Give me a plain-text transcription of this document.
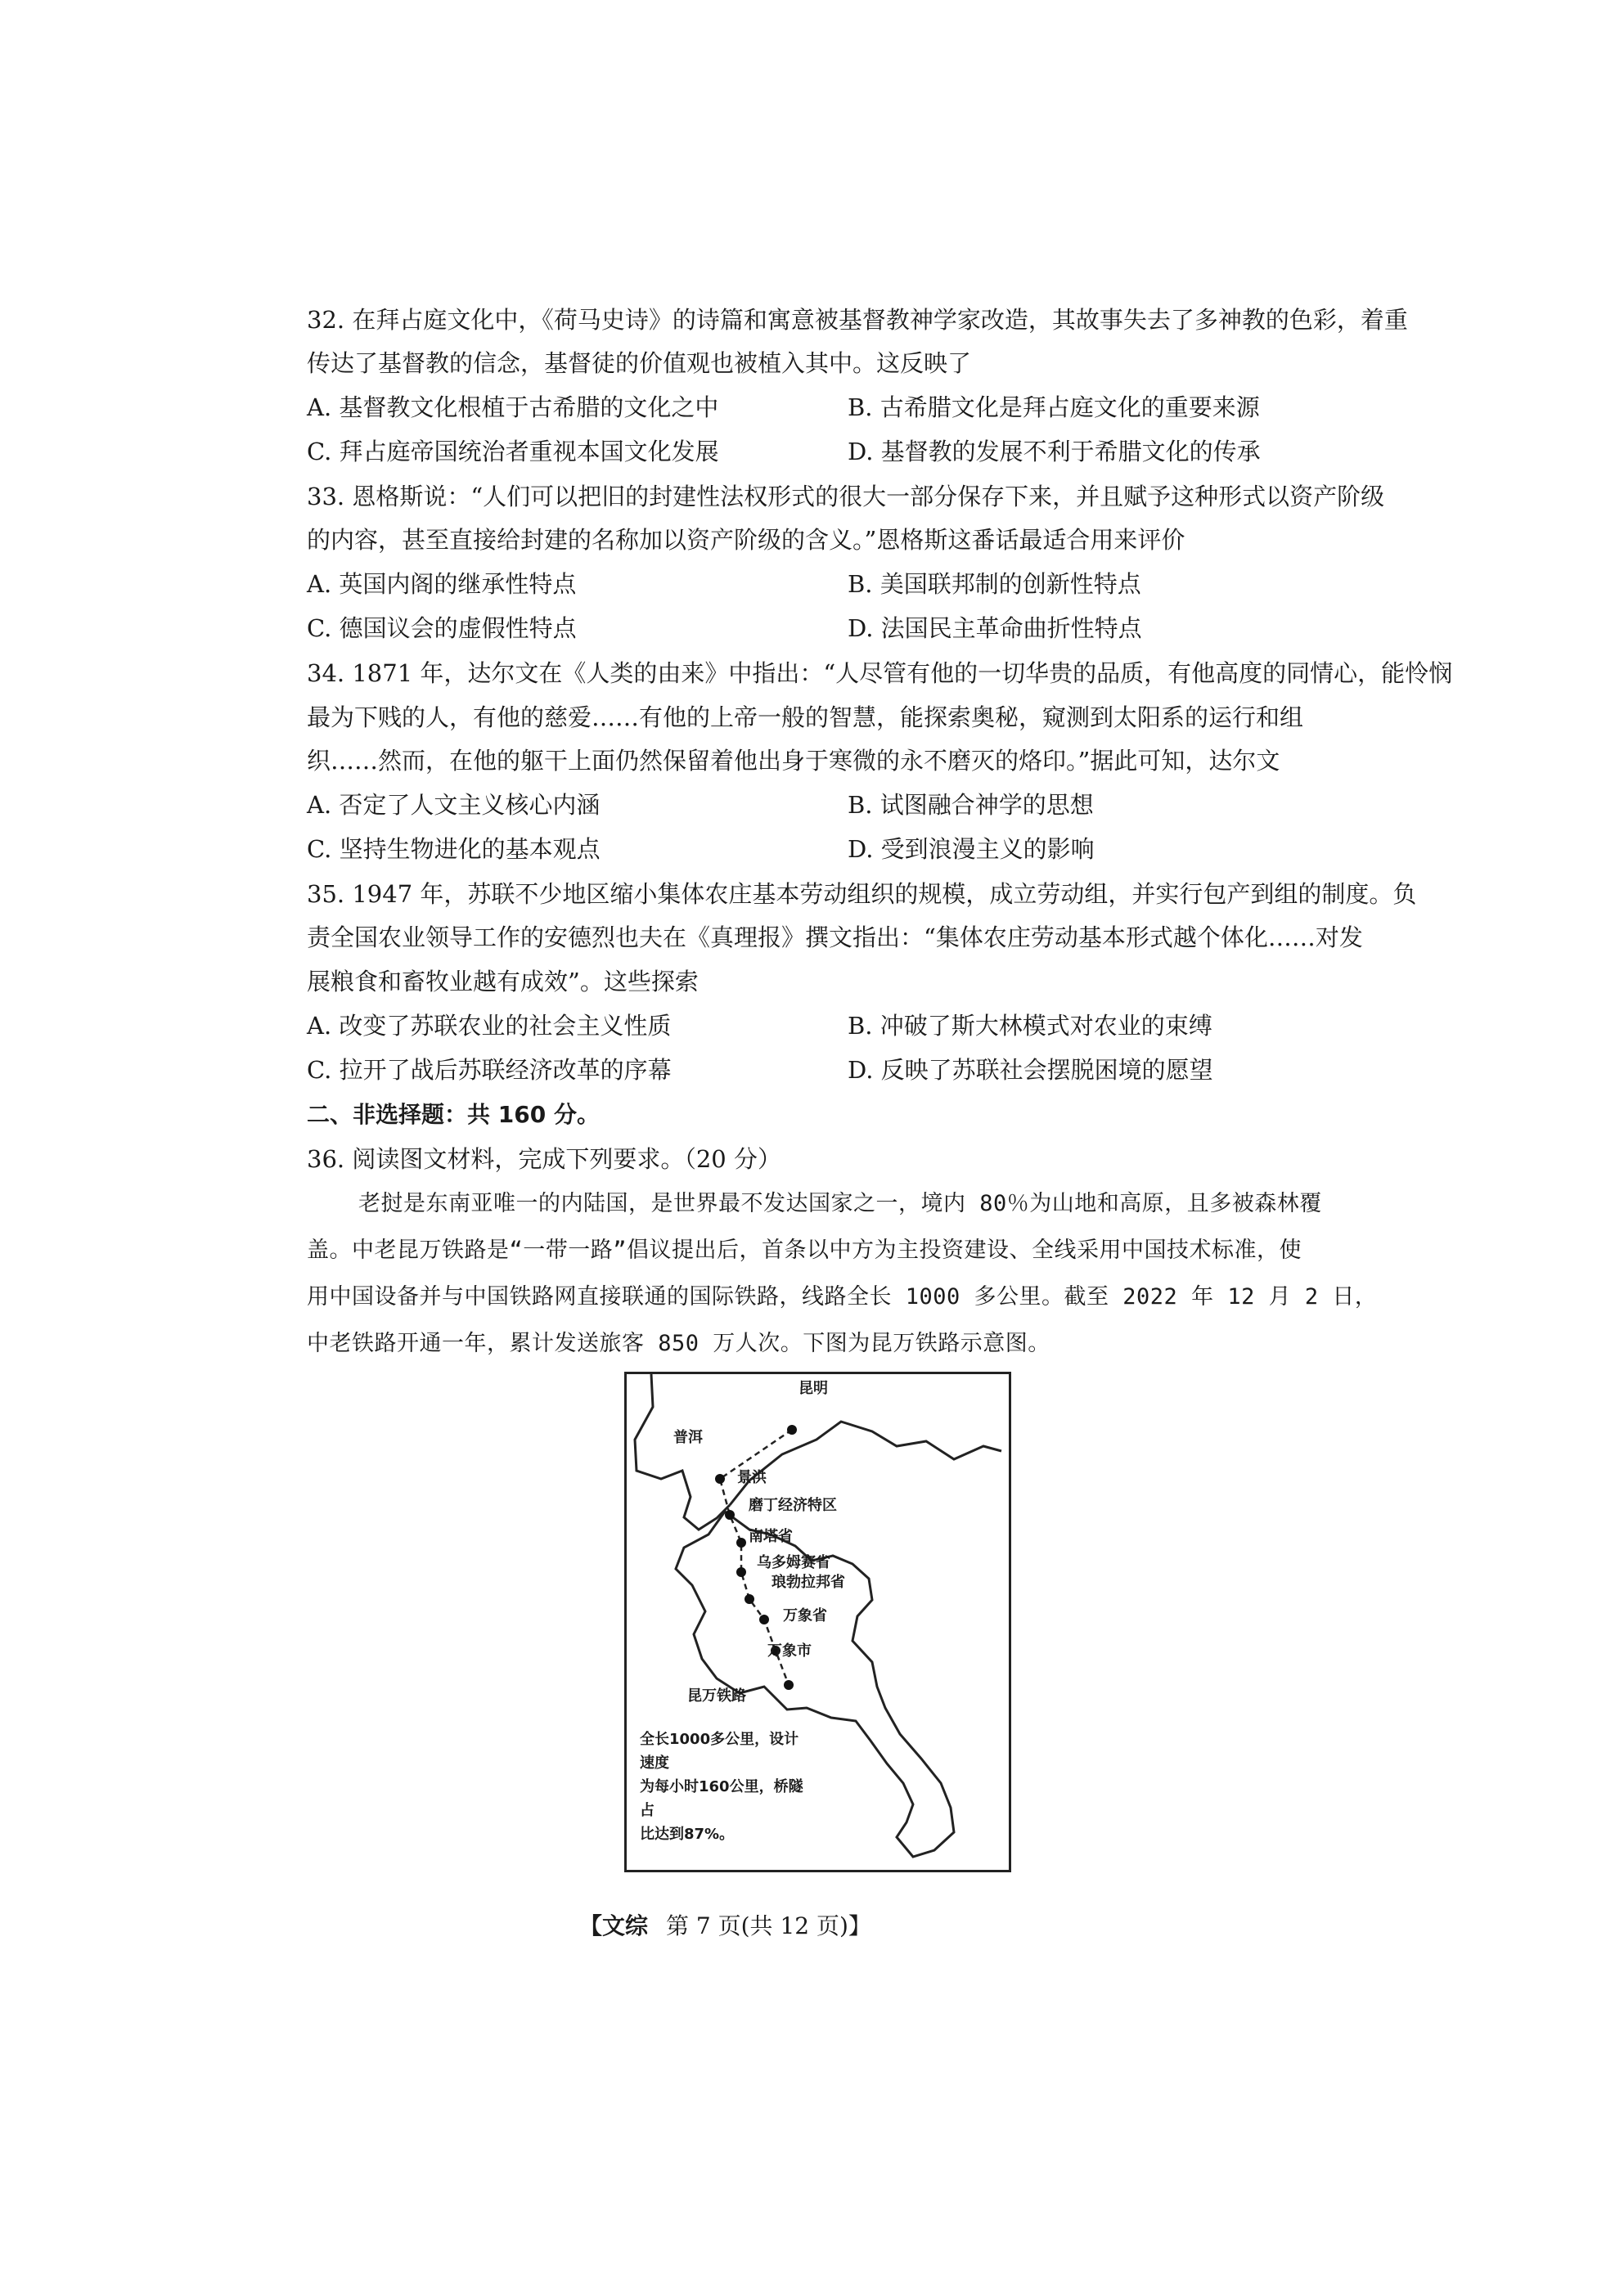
32. 在拜占庭文化中，《荷马史诗》的诗篇和寓意被基督教神学家改造，其故事失去了多神教的色彩，着重
传达了基督教的信念，基督徒的价值观也被植入其中。这反映了
A. 基督教文化根植于古希腊的文化之中	B. 古希腊文化是拜占庭文化的重要来源
C. 拜占庭帝国统治者重视本国文化发展	D. 基督教的发展不利于希腊文化的传承
33. 恩格斯说：“人们可以把旧的封建性法权形式的很大一部分保存下来，并且赋予这种形式以资产阶级
的内容，甚至直接给封建的名称加以资产阶级的含义。”恩格斯这番话最适合用来评价
A. 英国内阁的继承性特点	B. 美国联邦制的创新性特点
C. 德国议会的虚假性特点	D. 法国民主革命曲折性特点
34. 1871 年，达尔文在《人类的由来》中指出：“人尽管有他的一切华贵的品质，有他高度的同情心，能怜悯
最为下贱的人，有他的慈爱……有他的上帝一般的智慧，能探索奥秘，窥测到太阳系的运行和组
织……然而，在他的躯干上面仍然保留着他出身于寒微的永不磨灭的烙印。”据此可知，达尔文
A. 否定了人文主义核心内涵	B. 试图融合神学的思想
C. 坚持生物进化的基本观点	D. 受到浪漫主义的影响
35. 1947 年，苏联不少地区缩小集体农庄基本劳动组织的规模，成立劳动组，并实行包产到组的制度。负
责全国农业领导工作的安德烈也夫在《真理报》撰文指出：“集体农庄劳动基本形式越个体化……对发
展粮食和畜牧业越有成效”。这些探索
A. 改变了苏联农业的社会主义性质	B. 冲破了斯大林模式对农业的束缚
C. 拉开了战后苏联经济改革的序幕	D. 反映了苏联社会摆脱困境的愿望
二、非选择题：共 160 分。
36. 阅读图文材料，完成下列要求。（20 分）
老挝是东南亚唯一的内陆国，是世界最不发达国家之一，境内 80％为山地和高原，且多被森林覆
盖。中老昆万铁路是“一带一路”倡议提出后，首条以中方为主投资建设、全线采用中国技术标准，使
用中国设备并与中国铁路网直接联通的国际铁路，线路全长 1000 多公里。截至 2022 年 12 月 2 日，
中老铁路开通一年，累计发送旅客 850 万人次。下图为昆万铁路示意图。
昆明
普洱
景洪
磨丁经济特区
南塔省
乌多姆赛省
琅勃拉邦省
万象省
万象市
昆万铁路
全长1000多公里，设计速度
为每小时160公里，桥隧占
比达到87%。
【文综 第 7 页(共 12 页)】
